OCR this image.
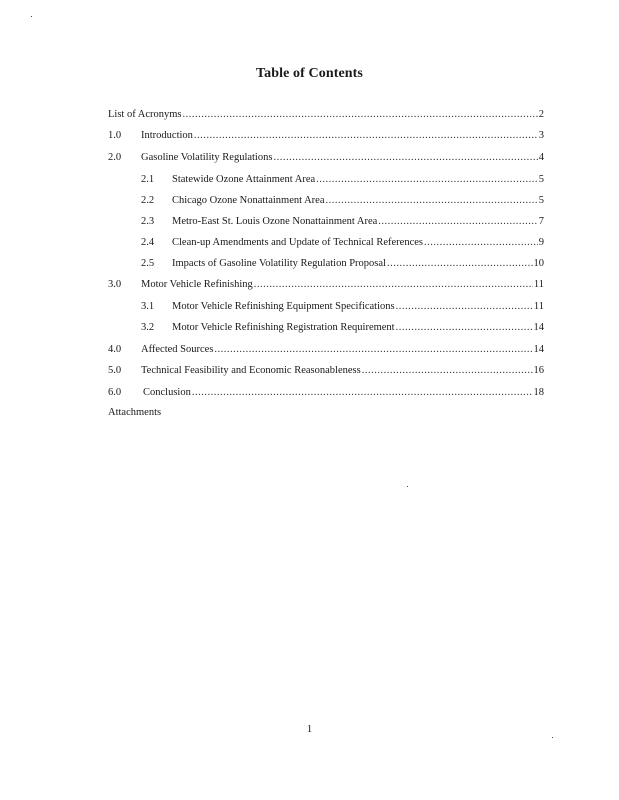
Table of Contents
List of Acronyms .....	2
1.0	Introduction .....	3
2.0	Gasoline Volatility Regulations .....	4
2.1	Statewide Ozone Attainment Area .....	5
2.2	Chicago Ozone Nonattainment Area .....	5
2.3	Metro-East St. Louis Ozone Nonattainment Area .....	7
2.4	Clean-up Amendments and Update of Technical References .....	9
2.5	Impacts of Gasoline Volatility Regulation Proposal .....	10
3.0	Motor Vehicle Refinishing .....	11
3.1	Motor Vehicle Refinishing Equipment Specifications .....	11
3.2	Motor Vehicle Refinishing Registration Requirement .....	14
4.0	Affected Sources .....	14
5.0	Technical Feasibility and Economic Reasonableness .....	16
6.0	Conclusion .....	18
Attachments
1
